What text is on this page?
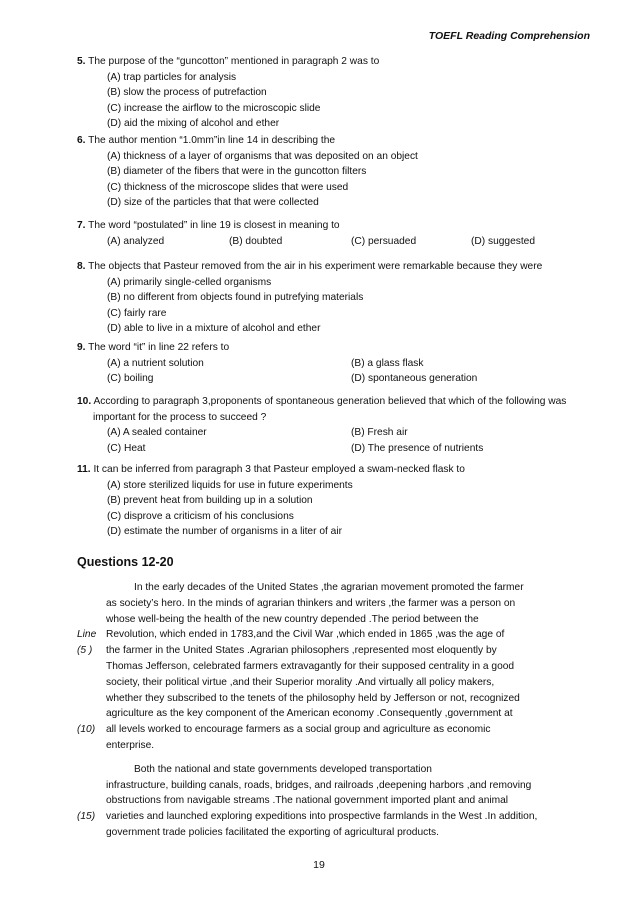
TOEFL Reading Comprehension
5. The purpose of the “guncotton” mentioned in paragraph 2 was to
(A) trap particles for analysis
(B) slow the process of putrefaction
(C) increase the airflow to the microscopic slide
(D) aid the mixing of alcohol and ether
6. The author mention “1.0mm”in line 14 in describing the
(A) thickness of a layer of organisms that was deposited on an object
(B) diameter of the fibers that were in the guncotton filters
(C) thickness of the microscope slides that were used
(D) size of the particles that that were collected
7. The word “postulated” in line 19 is closest in meaning to
(A) analyzed	(B) doubted	(C) persuaded	(D) suggested
8. The objects that Pasteur removed from the air in his experiment were remarkable because they were
(A) primarily single-celled organisms
(B) no different from objects found in putrefying materials
(C) fairly rare
(D) able to live in a mixture of alcohol and ether
9. The word “it” in line 22 refers to
(A) a nutrient solution	(B) a glass flask
(C) boiling	(D) spontaneous generation
10. According to paragraph 3,proponents of spontaneous generation believed that which of the following was important for the process to succeed ?
(A) A sealed container	(B) Fresh air
(C) Heat	(D) The presence of nutrients
11. It can be inferred from paragraph 3 that Pasteur employed a swam-necked flask to
(A) store sterilized liquids for use in future experiments
(B) prevent heat from building up in a solution
(C) disprove a criticism of his conclusions
(D) estimate the number of organisms in a liter of air
Questions 12-20
In the early decades of the United States ,the agrarian movement promoted the farmer
as society’s hero. In the minds of agrarian thinkers and writers ,the farmer was a person on
whose well-being the health of the new country depended .The period between the
Line Revolution, which ended in 1783,and the Civil War ,which ended in 1865 ,was the age of
(5 ) the farmer in the United States .Agrarian philosophers ,represented most eloquently by
Thomas Jefferson, celebrated farmers extravagantly for their supposed centrality in a good
society, their political virtue ,and their Superior morality .And virtually all policy makers,
whether they subscribed to the tenets of the philosophy held by Jefferson or not, recognized
agriculture as the key component of the American economy .Consequently ,government at
(10) all levels worked to encourage farmers as a social group and agriculture as economic
enterprise.
Both the national and state governments developed transportation
infrastructure, building canals, roads, bridges, and railroads ,deepening harbors ,and removing
obstructions from navigable streams .The national government imported plant and animal
(15) varieties and launched exploring expeditions into prospective farmlands in the West .In addition,
government trade policies facilitated the exporting of agricultural products.
19
